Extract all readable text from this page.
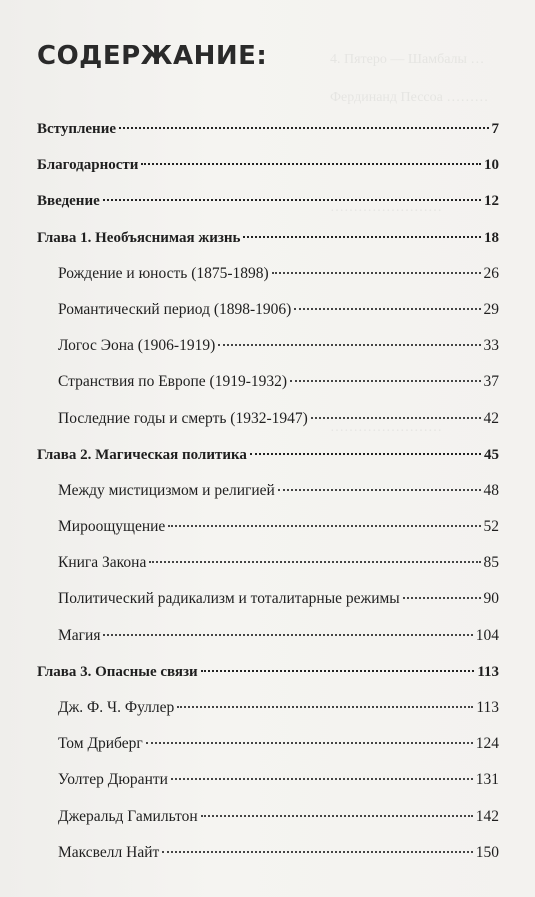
4. Пятеро — Шамбалы …
Фердинанд Пессоа ………
……………………
……………………
СОДЕРЖАНИЕ:
Вступление	7
Благодарности	10
Введение	12
Глава 1. Необъяснимая жизнь	18
Рождение и юность (1875-1898)	26
Романтический период (1898-1906)	29
Логос Эона (1906-1919)	33
Странствия по Европе (1919-1932)	37
Последние годы и смерть (1932-1947)	42
Глава 2. Магическая политика	45
Между мистицизмом и религией	48
Мироощущение	52
Книга Закона	85
Политический радикализм и тоталитарные режимы	90
Магия	104
Глава 3. Опасные связи	113
Дж. Ф. Ч. Фуллер	113
Том Дриберг	124
Уолтер Дюранти	131
Джеральд Гамильтон	142
Максвелл Найт	150
